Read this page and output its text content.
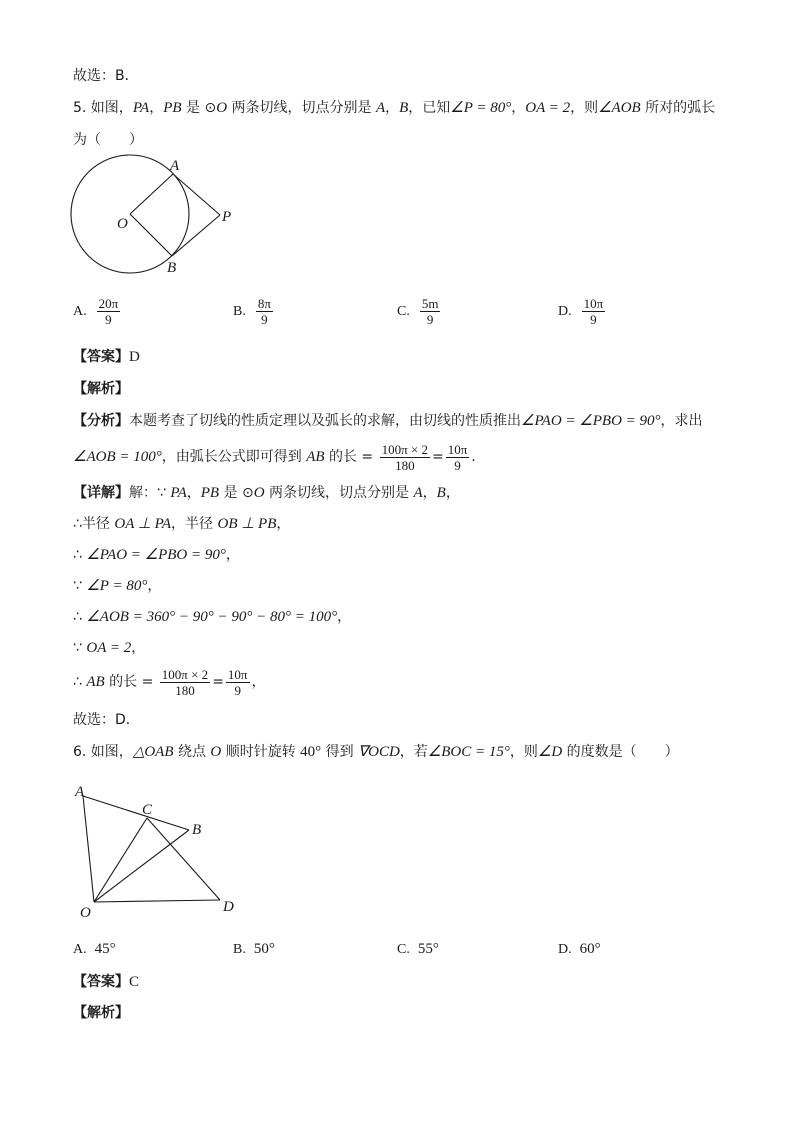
故选：B．
5. 如图，PA，PB 是 ⊙O 两条切线，切点分别是 A，B，已知∠P = 80°，OA = 2，则∠AOB 所对的弧长
为（　　）
A
O	P
B
A. $\frac{20\pi}{9}$	B. $\frac{8\pi}{9}$	C. $\frac{5m}{9}$	D. $\frac{10\pi}{9}$
【答案】D
【解析】
【分析】本题考查了切线的性质定理以及弧长的求解，由切线的性质推出∠PAO = ∠PBO = 90°，求出
∠AOB = 100°，由弧长公式即可得到 AB 的长 = $\frac{100\pi \times 2}{180} = \frac{10\pi}{9}$ ．
【详解】解：∵ PA，PB 是 ⊙O 两条切线，切点分别是 A，B，
∴半径 OA ⊥ PA，半径 OB ⊥ PB，
∴ ∠PAO = ∠PBO = 90°，
∵ ∠P = 80°，
∴ ∠AOB = 360° − 90° − 90° − 80° = 100°，
∵ OA = 2，
∴ AB 的长 = $\frac{100\pi \times 2}{180} = \frac{10\pi}{9}$ ，
故选：D．
6. 如图，△OAB 绕点 O 顺时针旋转 40° 得到 ∇OCD，若∠BOC = 15°，则∠D 的度数是（　　）
A
C
B
O	D
A. 45°	B. 50°	C. 55°	D. 60°
【答案】C
【解析】
